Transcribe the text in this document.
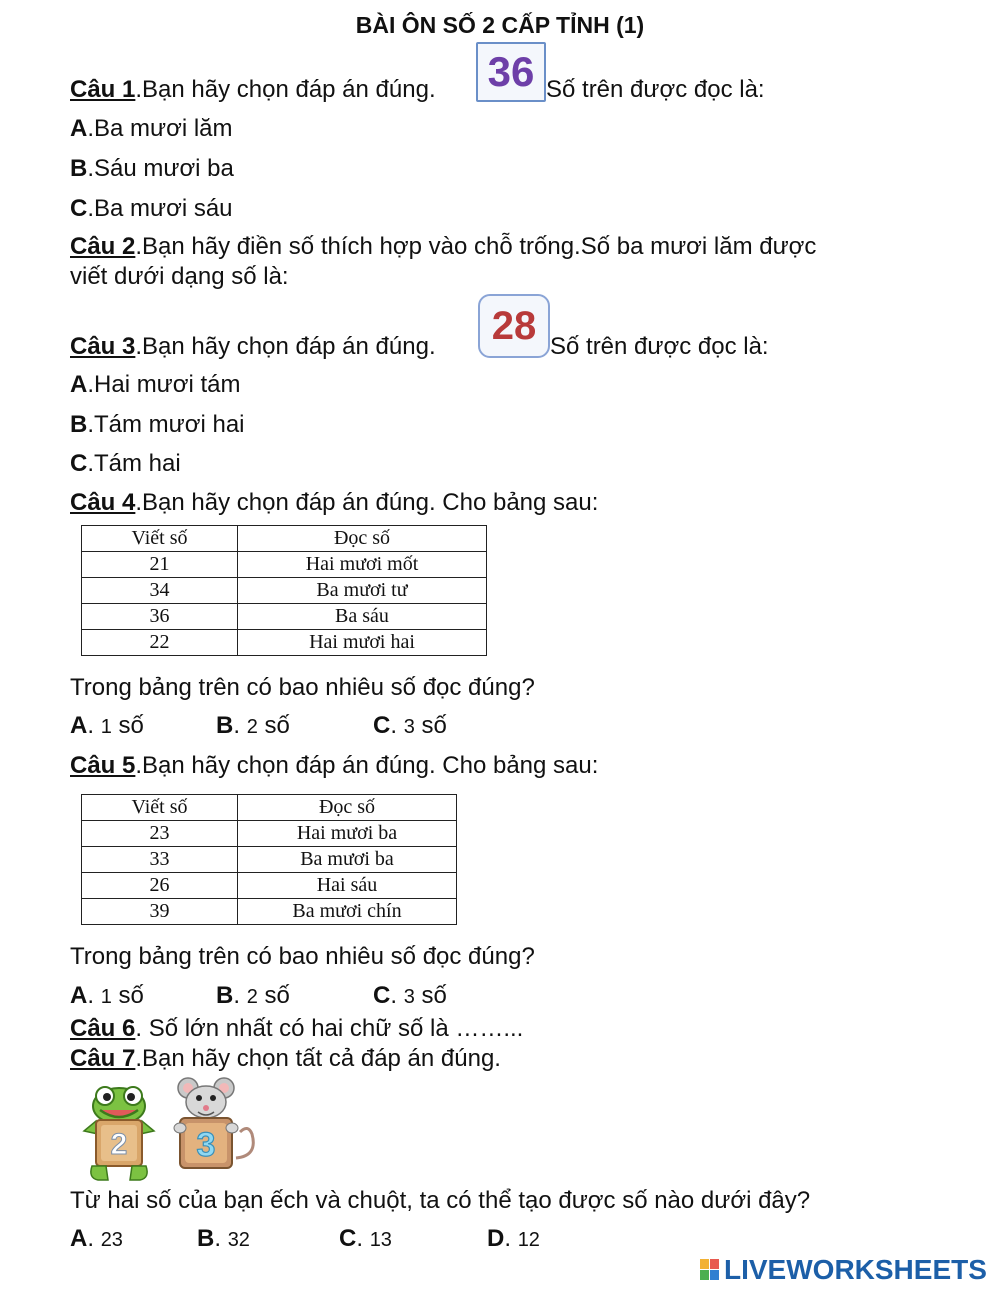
BÀI ÔN SỐ 2 CẤP TỈNH (1)
Câu 1.Bạn hãy chọn đáp án đúng. 36 Số trên được đọc là:
A.Ba mươi lăm
B.Sáu mươi ba
C.Ba mươi sáu
Câu 2.Bạn hãy điền số thích hợp vào chỗ trống.Số ba mươi lăm được
viết dưới dạng số là:
Câu 3.Bạn hãy chọn đáp án đúng.	28 Số trên được đọc là:
A.Hai mươi tám
B.Tám mươi hai
C.Tám hai
Câu 4.Bạn hãy chọn đáp án đúng. Cho bảng sau:
Viết số	Đọc số
21	Hai mươi mốt
34	Ba mươi tư
36	Ba sáu
22	Hai mươi hai
Trong bảng trên có bao nhiêu số đọc đúng?
A. 1 số	B. 2 số	C. 3 số
Câu 5.Bạn hãy chọn đáp án đúng. Cho bảng sau:
Viết số	Đọc số
23	Hai mươi ba
33	Ba mươi ba
26	Hai sáu
39	Ba mươi chín
Trong bảng trên có bao nhiêu số đọc đúng?
A. 1 số	B. 2 số	C. 3 số
Câu 6. Số lớn nhất có hai chữ số là ……...
Câu 7.Bạn hãy chọn tất cả đáp án đúng.
2 3
Từ hai số của bạn ếch và chuột, ta có thể tạo được số nào dưới đây?
A. 23	B. 32	C. 13	D. 12
LIVEWORKSHEETS
